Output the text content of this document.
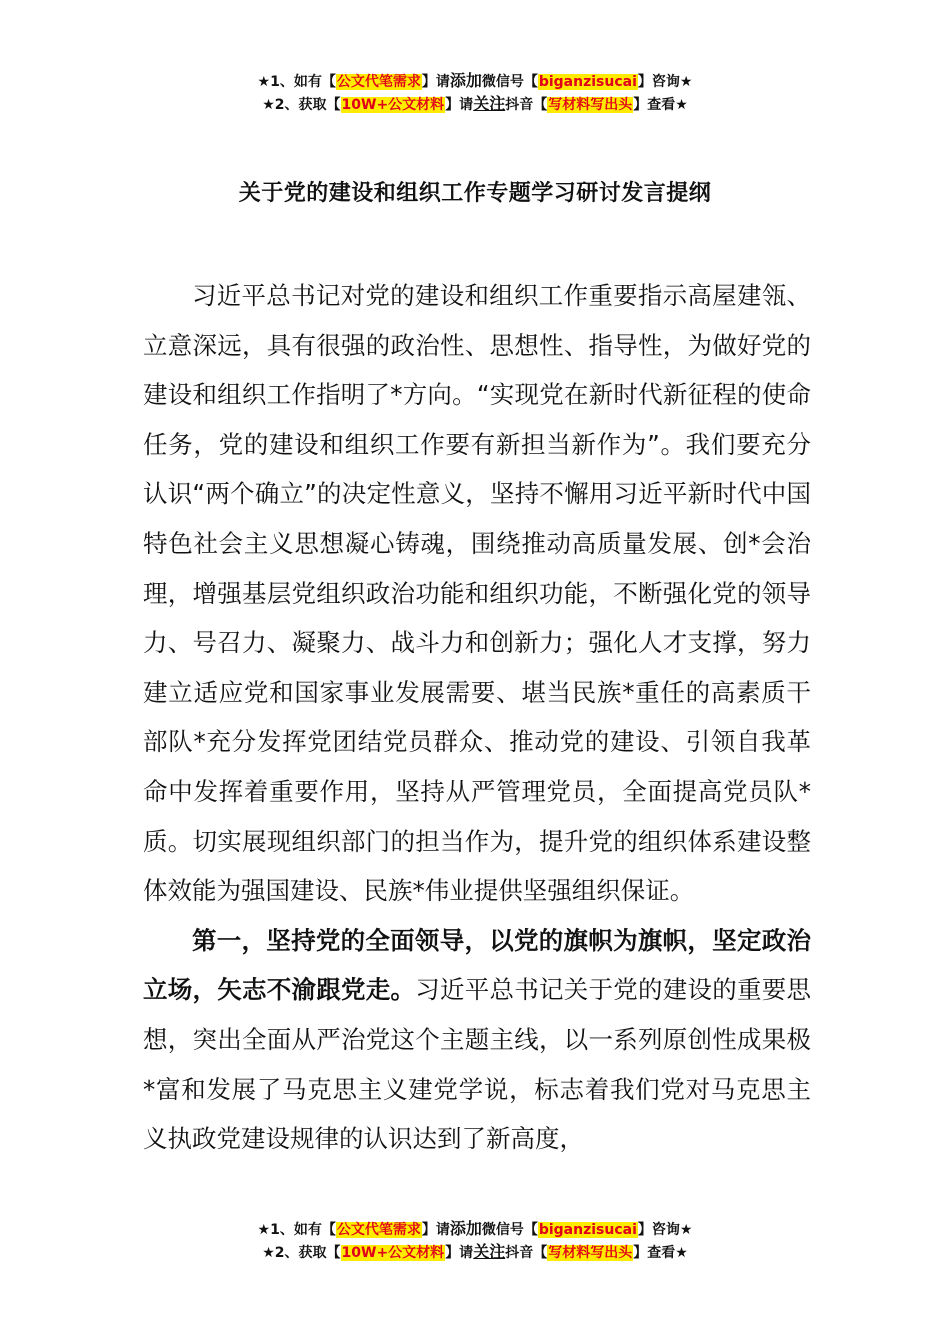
★1、如有【公文代笔需求】请添加微信号【biganzisucai】咨询★
★2、获取【10W+公文材料】请关注抖音【写材料写出头】查看★
关于党的建设和组织工作专题学习研讨发言提纲

习近平总书记对党的建设和组织工作重要指示高屋建瓴、立意深远，具有很强的政治性、思想性、指导性，为做好党的建设和组织工作指明了*方向。“实现党在新时代新征程的使命任务，党的建设和组织工作要有新担当新作为”。我们要充分认识“两个确立”的决定性意义，坚持不懈用习近平新时代中国特色社会主义思想凝心铸魂，围绕推动高质量发展、创*会治理，增强基层党组织政治功能和组织功能，不断强化党的领导力、号召力、凝聚力、战斗力和创新力；强化人才支撑，努力建立适应党和国家事业发展需要、堪当民族*重任的高素质干部队*充分发挥党团结党员群众、推动党的建设、引领自我革命中发挥着重要作用，坚持从严管理党员，全面提高党员队*质。切实展现组织部门的担当作为，提升党的组织体系建设整体效能为强国建设、民族*伟业提供坚强组织保证。

第一，坚持党的全面领导，以党的旗帜为旗帜，坚定政治立场，矢志不渝跟党走。习近平总书记关于党的建设的重要思想，突出全面从严治党这个主题主线，以一系列原创性成果极*富和发展了马克思主义建党学说，标志着我们党对马克思主义执政党建设规律的认识达到了新高度，

★1、如有【公文代笔需求】请添加微信号【biganzisucai】咨询★
★2、获取【10W+公文材料】请关注抖音【写材料写出头】查看★
